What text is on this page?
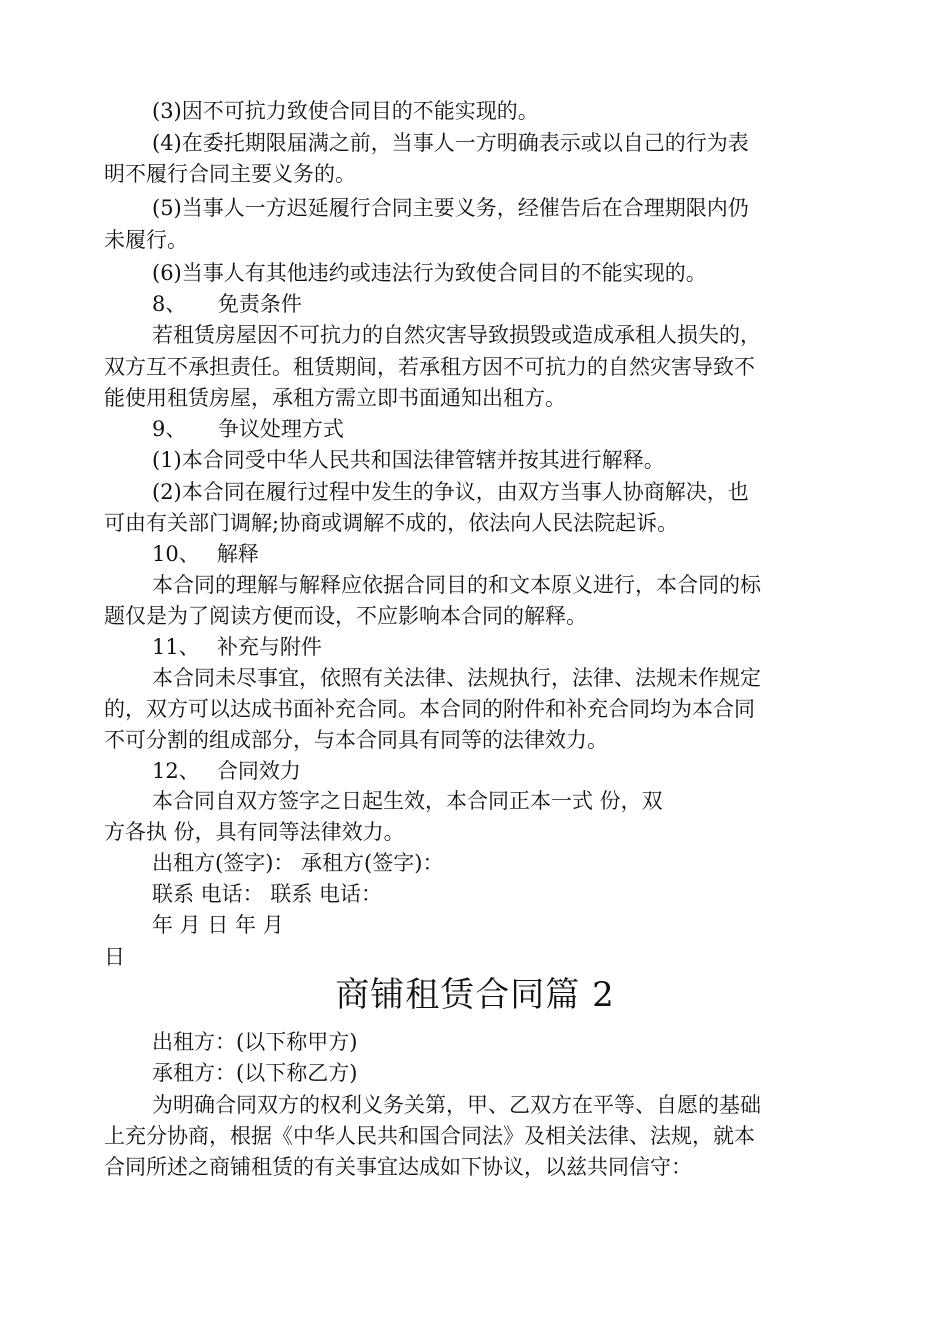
(3)因不可抗力致使合同目的不能实现的。
(4)在委托期限届满之前，当事人一方明确表示或以自己的行为表
明不履行合同主要义务的。
(5)当事人一方迟延履行合同主要义务，经催告后在合理期限内仍
未履行。
(6)当事人有其他违约或违法行为致使合同目的不能实现的。
8、　　免责条件
若租赁房屋因不可抗力的自然灾害导致损毁或造成承租人损失的，
双方互不承担责任。租赁期间，若承租方因不可抗力的自然灾害导致不
能使用租赁房屋，承租方需立即书面通知出租方。
9、　　争议处理方式
(1)本合同受中华人民共和国法律管辖并按其进行解释。
(2)本合同在履行过程中发生的争议，由双方当事人协商解决，也
可由有关部门调解;协商或调解不成的，依法向人民法院起诉。
10、　 解释
本合同的理解与解释应依据合同目的和文本原义进行，本合同的标
题仅是为了阅读方便而设，不应影响本合同的解释。
11、　 补充与附件
本合同未尽事宜，依照有关法律、法规执行，法律、法规未作规定
的，双方可以达成书面补充合同。本合同的附件和补充合同均为本合同
不可分割的组成部分，与本合同具有同等的法律效力。
12、　 合同效力
本合同自双方签字之日起生效，本合同正本一式 份，双
方各执 份，具有同等法律效力。
出租方(签字)： 承租方(签字)：
联系 电话： 联系 电话：
年 月 日 年 月
日
商铺租赁合同篇 2
出租方：(以下称甲方)
承租方：(以下称乙方)
为明确合同双方的权利义务关第，甲、乙双方在平等、自愿的基础
上充分协商，根据《中华人民共和国合同法》及相关法律、法规，就本
合同所述之商铺租赁的有关事宜达成如下协议，以兹共同信守：
